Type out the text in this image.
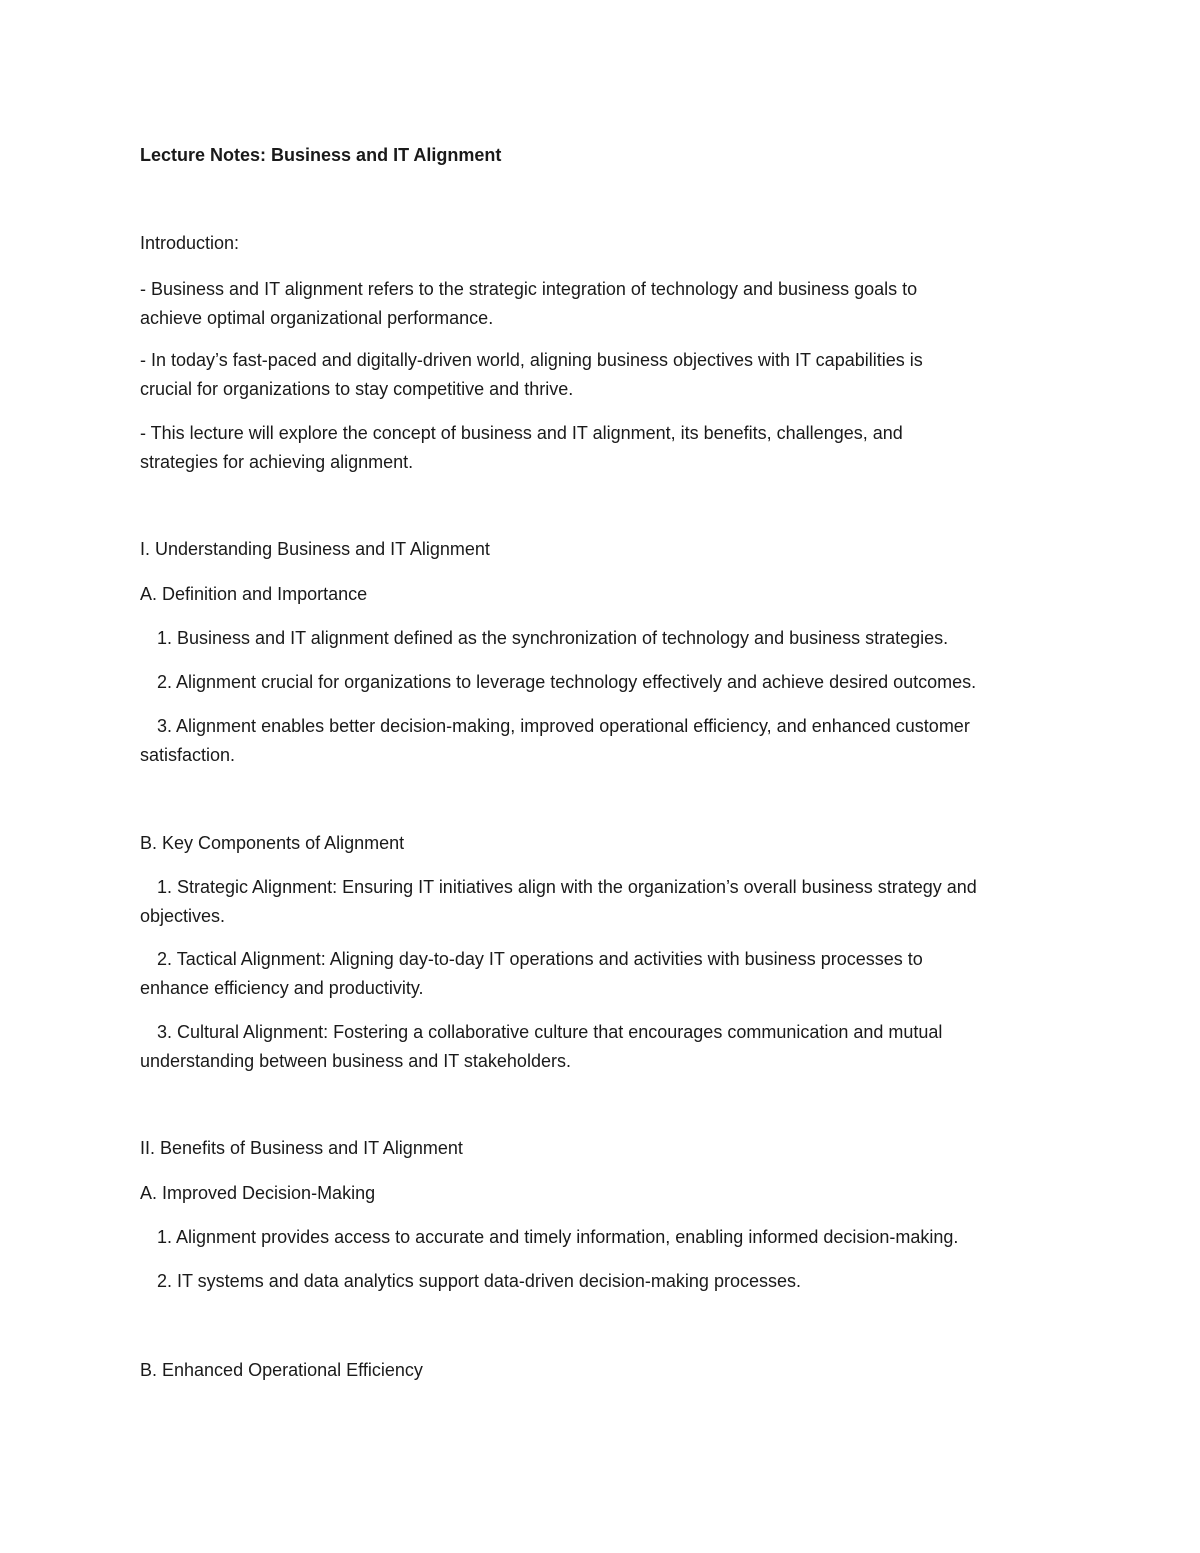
Lecture Notes: Business and IT Alignment

Introduction:

- Business and IT alignment refers to the strategic integration of technology and business goals to

achieve optimal organizational performance.

- In today’s fast-paced and digitally-driven world, aligning business objectives with IT capabilities is

crucial for organizations to stay competitive and thrive.

- This lecture will explore the concept of business and IT alignment, its benefits, challenges, and

strategies for achieving alignment.

I. Understanding Business and IT Alignment

A. Definition and Importance

1. Business and IT alignment defined as the synchronization of technology and business strategies.

2. Alignment crucial for organizations to leverage technology effectively and achieve desired outcomes.

3. Alignment enables better decision-making, improved operational efficiency, and enhanced customer

satisfaction.

B. Key Components of Alignment

1. Strategic Alignment: Ensuring IT initiatives align with the organization’s overall business strategy and

objectives.

2. Tactical Alignment: Aligning day-to-day IT operations and activities with business processes to

enhance efficiency and productivity.

3. Cultural Alignment: Fostering a collaborative culture that encourages communication and mutual

understanding between business and IT stakeholders.

II. Benefits of Business and IT Alignment

A. Improved Decision-Making

1. Alignment provides access to accurate and timely information, enabling informed decision-making.

2. IT systems and data analytics support data-driven decision-making processes.

B. Enhanced Operational Efficiency
